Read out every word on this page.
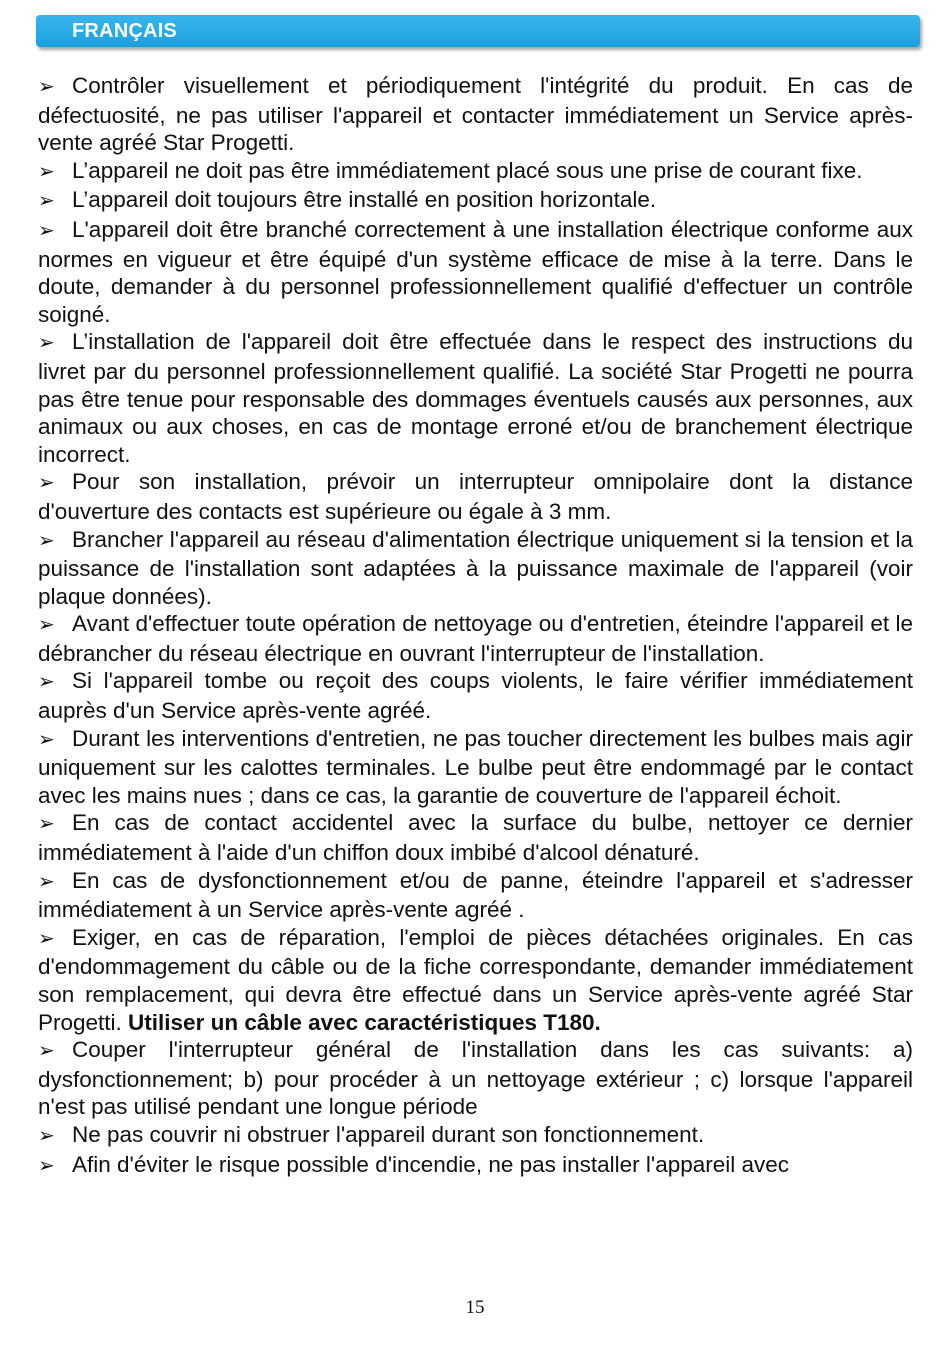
FRANÇAIS

➢ Contrôler visuellement et périodiquement l'intégrité du produit. En cas de défectuosité, ne pas utiliser l'appareil et contacter immédiatement un Service après-vente agréé Star Progetti.

➢ L’appareil ne doit pas être immédiatement placé sous une prise de courant fixe.

➢ L’appareil doit toujours être installé en position horizontale.

➢ L'appareil doit être branché correctement à une installation électrique conforme aux normes en vigueur et être équipé d'un système efficace de mise à la terre. Dans le doute, demander à du personnel professionnellement qualifié d'effectuer un contrôle soigné.

➢ L’installation de l'appareil doit être effectuée dans le respect des instructions du livret par du personnel professionnellement qualifié. La société Star Progetti ne pourra pas être tenue pour responsable des dommages éventuels causés aux personnes, aux animaux ou aux choses, en cas de montage erroné et/ou de branchement électrique incorrect.

➢ Pour son installation, prévoir un interrupteur omnipolaire dont la distance d'ouverture des contacts est supérieure ou égale à 3 mm.

➢ Brancher l'appareil au réseau d'alimentation électrique uniquement si la tension et la puissance de l'installation sont adaptées à la puissance maximale de l'appareil (voir plaque données).

➢ Avant d'effectuer toute opération de nettoyage ou d'entretien, éteindre l'appareil et le débrancher du réseau électrique en ouvrant l'interrupteur de l'installation.

➢ Si l'appareil tombe ou reçoit des coups violents, le faire vérifier immédiatement auprès d'un Service après-vente agréé.

➢ Durant les interventions d'entretien, ne pas toucher directement les bulbes mais agir uniquement sur les calottes terminales. Le bulbe peut être endommagé par le contact avec les mains nues ; dans ce cas, la garantie de couverture de l'appareil échoit.

➢ En cas de contact accidentel avec la surface du bulbe, nettoyer ce dernier immédiatement à l'aide d'un chiffon doux imbibé d'alcool dénaturé.

➢ En cas de dysfonctionnement et/ou de panne, éteindre l'appareil et s'adresser immédiatement à un Service après-vente agréé .

➢ Exiger, en cas de réparation, l'emploi de pièces détachées originales. En cas d'endommagement du câble ou de la fiche correspondante, demander immédiatement son remplacement, qui devra être effectué dans un Service après-vente agréé Star Progetti. Utiliser un câble avec caractéristiques T180.

➢ Couper l'interrupteur général de l'installation dans les cas suivants: a) dysfonctionnement; b) pour procéder à un nettoyage extérieur ; c) lorsque l'appareil n'est pas utilisé pendant une longue période

➢ Ne pas couvrir ni obstruer l'appareil durant son fonctionnement.

➢ Afin d'éviter le risque possible d'incendie, ne pas installer l'appareil avec

15
